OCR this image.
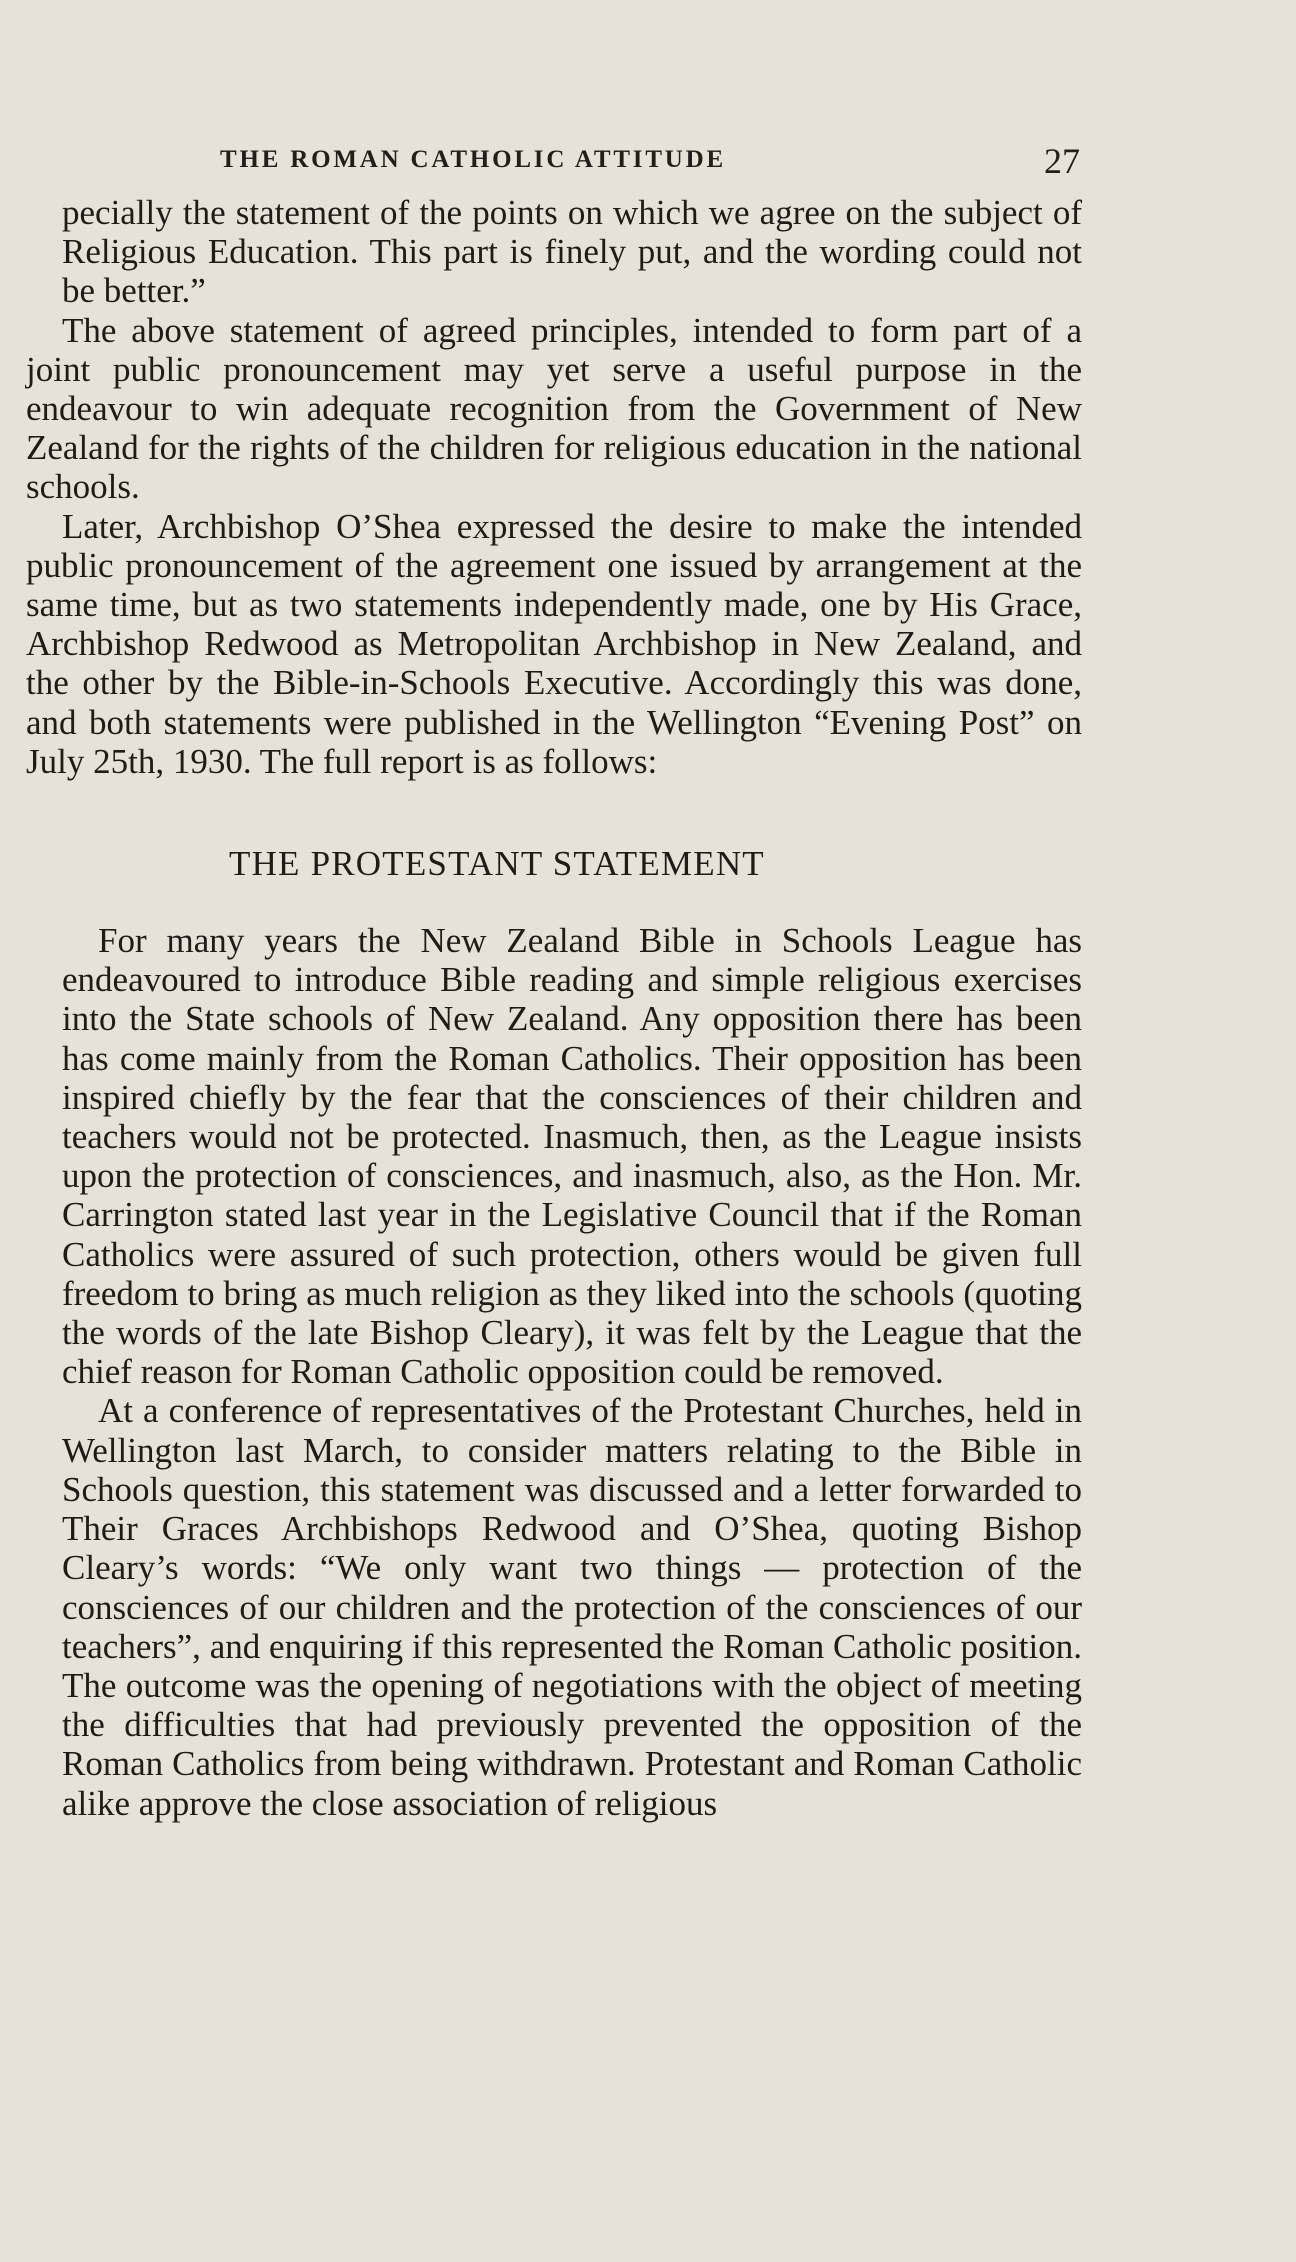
THE ROMAN CATHOLIC ATTITUDE	27

pecially the statement of the points on which we agree on the subject of Religious Education. This part is finely put, and the wording could not be better.”

The above statement of agreed principles, intended to form part of a joint public pronouncement may yet serve a useful purpose in the endeavour to win adequate recognition from the Government of New Zealand for the rights of the children for religious education in the national schools.

Later, Archbishop O’Shea expressed the desire to make the intended public pronouncement of the agreement one issued by arrangement at the same time, but as two statements independently made, one by His Grace, Archbishop Redwood as Metropolitan Archbishop in New Zealand, and the other by the Bible-in-Schools Executive. Accordingly this was done, and both statements were published in the Wellington “Evening Post” on July 25th, 1930. The full report is as follows:

THE PROTESTANT STATEMENT

For many years the New Zealand Bible in Schools League has endeavoured to introduce Bible reading and simple religious exercises into the State schools of New Zealand. Any opposition there has been has come mainly from the Roman Catholics. Their opposition has been inspired chiefly by the fear that the consciences of their children and teachers would not be protected. Inasmuch, then, as the League insists upon the protection of consciences, and inasmuch, also, as the Hon. Mr. Carrington stated last year in the Legislative Council that if the Roman Catholics were assured of such protection, others would be given full freedom to bring as much religion as they liked into the schools (quoting the words of the late Bishop Cleary), it was felt by the League that the chief reason for Roman Catholic opposition could be removed.

At a conference of representatives of the Protestant Churches, held in Wellington last March, to consider matters relating to the Bible in Schools question, this statement was discussed and a letter forwarded to Their Graces Archbishops Redwood and O’Shea, quoting Bishop Cleary’s words: “We only want two things — protection of the consciences of our children and the protection of the consciences of our teachers”, and enquiring if this represented the Roman Catholic position. The outcome was the opening of negotiations with the object of meeting the difficulties that had previously prevented the opposition of the Roman Catholics from being withdrawn. Protestant and Roman Catholic alike approve the close association of religious
